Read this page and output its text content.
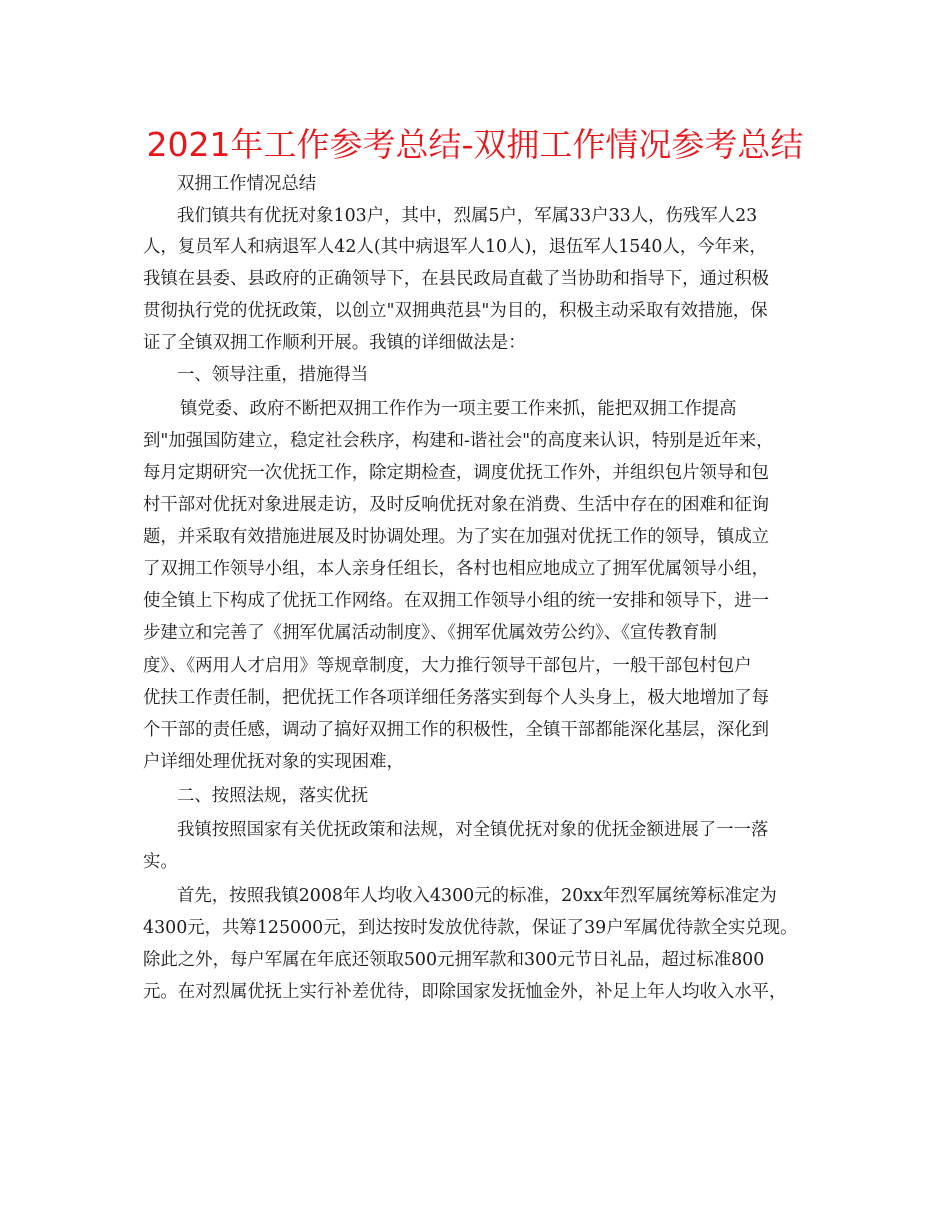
2021年工作参考总结-双拥工作情况参考总结
双拥工作情况总结
我们镇共有优抚对象103户，其中，烈属5户，军属33户33人，伤残军人23
人，复员军人和病退军人42人(其中病退军人10人)，退伍军人1540人，今年来，
我镇在县委、县政府的正确领导下，在县民政局直截了当协助和指导下，通过积极
贯彻执行党的优抚政策，以创立"双拥典范县"为目的，积极主动采取有效措施，保
证了全镇双拥工作顺利开展。我镇的详细做法是：
一、领导注重，措施得当
镇党委、政府不断把双拥工作作为一项主要工作来抓，能把双拥工作提高
到"加强国防建立，稳定社会秩序，构建和-谐社会"的高度来认识，特别是近年来，
每月定期研究一次优抚工作，除定期检查，调度优抚工作外，并组织包片领导和包
村干部对优抚对象进展走访，及时反响优抚对象在消费、生活中存在的困难和征询
题，并采取有效措施进展及时协调处理。为了实在加强对优抚工作的领导，镇成立
了双拥工作领导小组，本人亲身任组长，各村也相应地成立了拥军优属领导小组，
使全镇上下构成了优抚工作网络。在双拥工作领导小组的统一安排和领导下，进一
步建立和完善了《拥军优属活动制度》、《拥军优属效劳公约》、《宣传教育制
度》、《两用人才启用》等规章制度，大力推行领导干部包片，一般干部包村包户
优扶工作责任制，把优抚工作各项详细任务落实到每个人头身上，极大地增加了每
个干部的责任感，调动了搞好双拥工作的积极性，全镇干部都能深化基层，深化到
户详细处理优抚对象的实现困难，
二、按照法规，落实优抚
我镇按照国家有关优抚政策和法规，对全镇优抚对象的优抚金额进展了一一落
实。
首先，按照我镇2008年人均收入4300元的标准，20xx年烈军属统筹标准定为
4300元，共筹125000元，到达按时发放优待款，保证了39户军属优待款全实兑现。
除此之外，每户军属在年底还领取500元拥军款和300元节日礼品，超过标准800
元。在对烈属优抚上实行补差优待，即除国家发抚恤金外，补足上年人均收入水平，
